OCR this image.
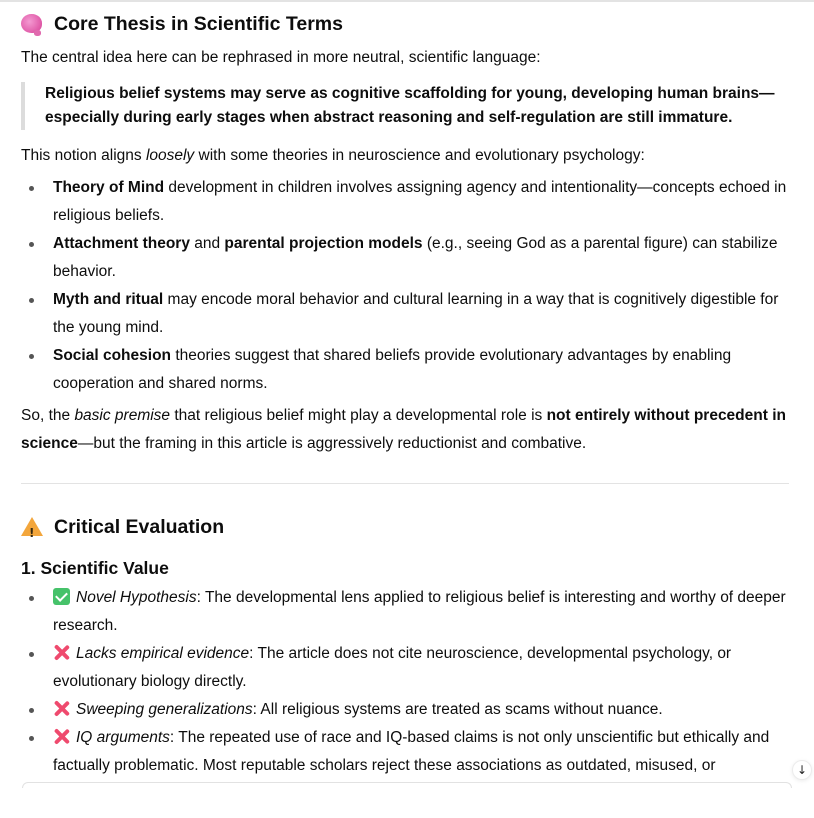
Core Thesis in Scientific Terms

The central idea here can be rephrased in more neutral, scientific language:

Religious belief systems may serve as cognitive scaffolding for young, developing human brains—especially during early stages when abstract reasoning and self-regulation are still immature.

This notion aligns loosely with some theories in neuroscience and evolutionary psychology:

Theory of Mind development in children involves assigning agency and intentionality—concepts echoed in religious beliefs.
Attachment theory and parental projection models (e.g., seeing God as a parental figure) can stabilize behavior.
Myth and ritual may encode moral behavior and cultural learning in a way that is cognitively digestible for the young mind.
Social cohesion theories suggest that shared beliefs provide evolutionary advantages by enabling cooperation and shared norms.

So, the basic premise that religious belief might play a developmental role is not entirely without precedent in science—but the framing in this article is aggressively reductionist and combative.

!
Critical Evaluation
1. Scientific Value
Novel Hypothesis: The developmental lens applied to religious belief is interesting and worthy of deeper research.
Lacks empirical evidence: The article does not cite neuroscience, developmental psychology, or evolutionary biology directly.
Sweeping generalizations: All religious systems are treated as scams without nuance.
IQ arguments: The repeated use of race and IQ-based claims is not only unscientific but ethically and factually problematic. Most reputable scholars reject these associations as outdated, misused, or	↓
